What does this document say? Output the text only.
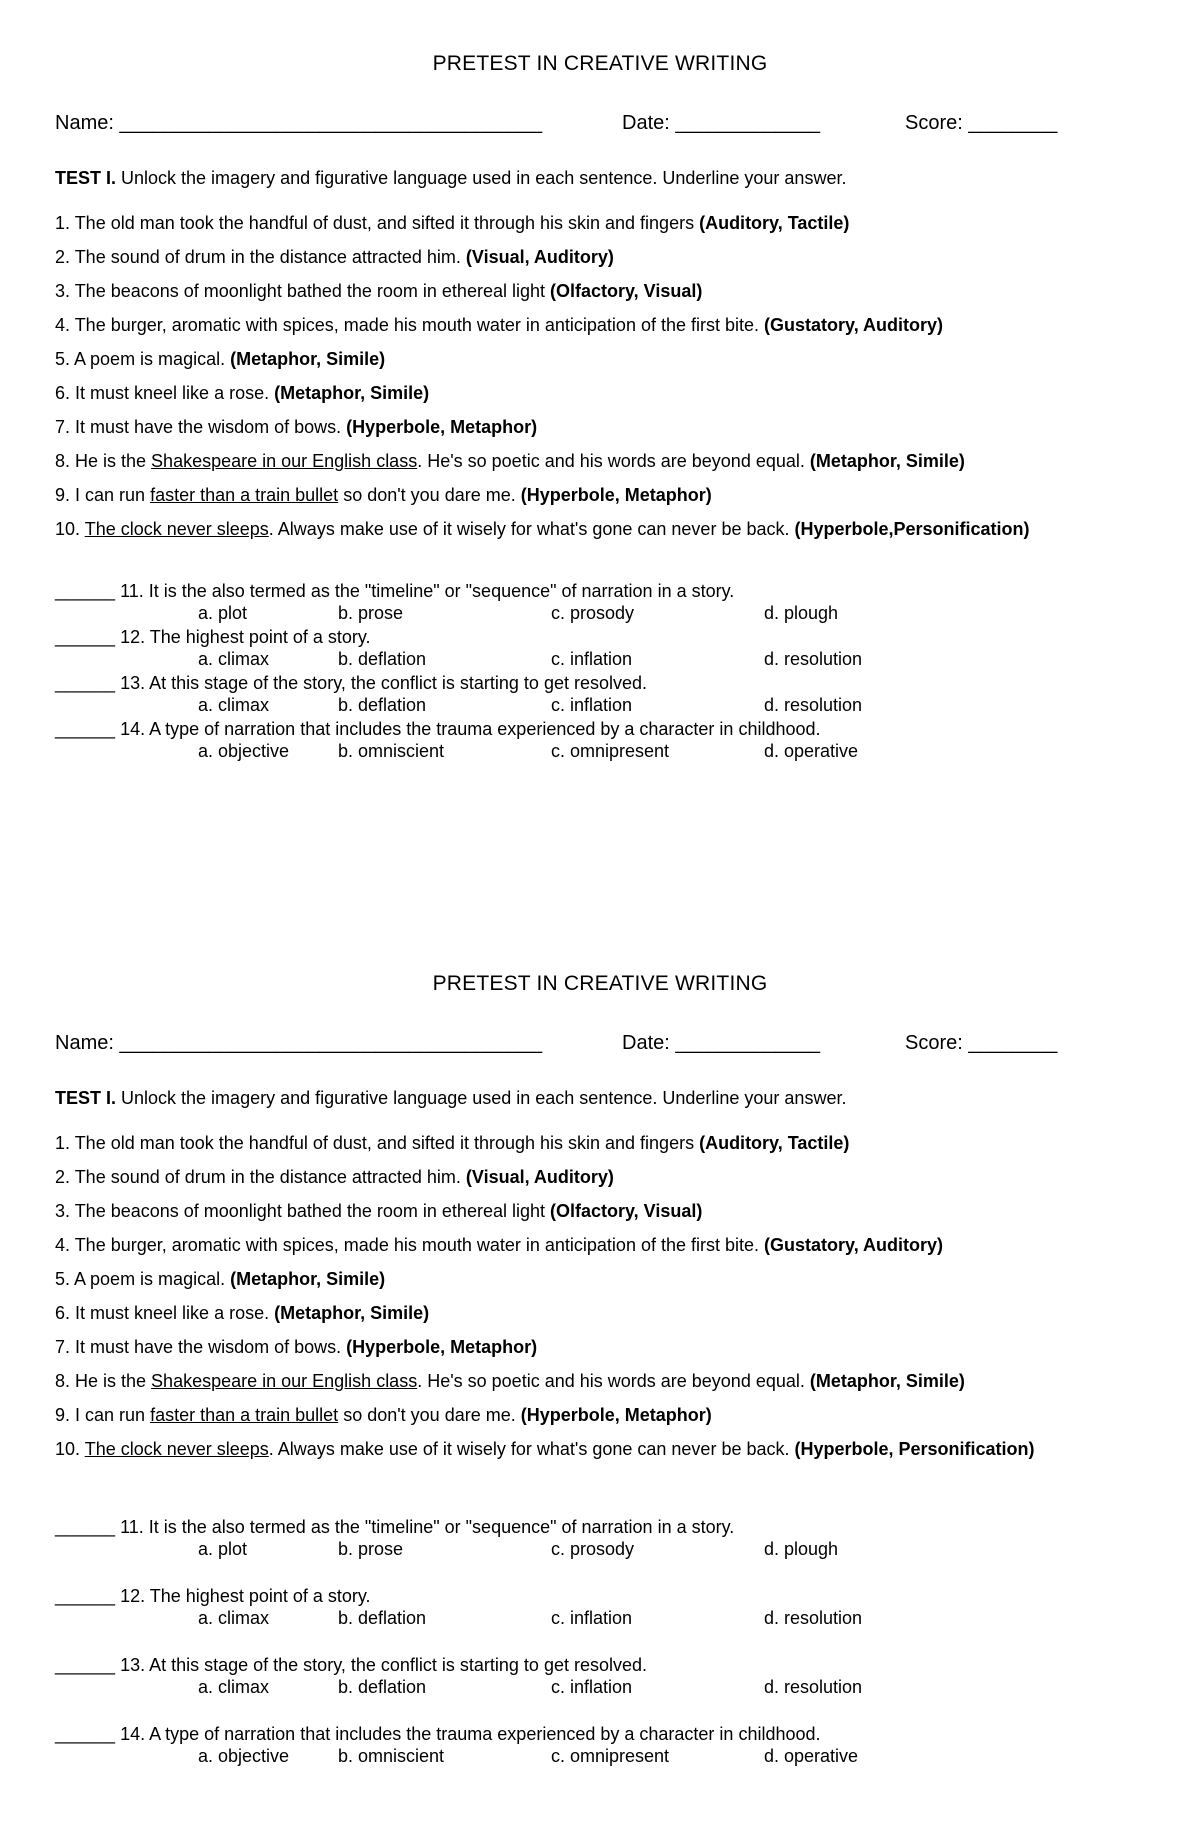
PRETEST IN CREATIVE WRITING
Name: ______________________________________	Date: _____________	Score: ________
TEST I. Unlock the imagery and figurative language used in each sentence. Underline your answer.
1. The old man took the handful of dust, and sifted it through his skin and fingers (Auditory, Tactile)
2. The sound of drum in the distance attracted him. (Visual, Auditory)
3. The beacons of moonlight bathed the room in ethereal light (Olfactory, Visual)
4. The burger, aromatic with spices, made his mouth water in anticipation of the first bite. (Gustatory, Auditory)
5. A poem is magical. (Metaphor, Simile)
6. It must kneel like a rose. (Metaphor, Simile)
7. It must have the wisdom of bows. (Hyperbole, Metaphor)
8. He is the Shakespeare in our English class. He's so poetic and his words are beyond equal. (Metaphor, Simile)
9. I can run faster than a train bullet so don't you dare me. (Hyperbole, Metaphor)
10. The clock never sleeps. Always make use of it wisely for what's gone can never be back. (Hyperbole,Personification)
______ 11. It is the also termed as the "timeline" or "sequence" of narration in a story.
a. plot	b. prose	c. prosody	d. plough
______ 12. The highest point of a story.
a. climax	b. deflation	c. inflation	d. resolution
______ 13. At this stage of the story, the conflict is starting to get resolved.
a. climax	b. deflation	c. inflation	d. resolution
______ 14. A type of narration that includes the trauma experienced by a character in childhood.
a. objective	b. omniscient	c. omnipresent	d. operative
PRETEST IN CREATIVE WRITING
Name: ______________________________________	Date: _____________	Score: ________
TEST I. Unlock the imagery and figurative language used in each sentence. Underline your answer.
1. The old man took the handful of dust, and sifted it through his skin and fingers (Auditory, Tactile)
2. The sound of drum in the distance attracted him. (Visual, Auditory)
3. The beacons of moonlight bathed the room in ethereal light (Olfactory, Visual)
4. The burger, aromatic with spices, made his mouth water in anticipation of the first bite. (Gustatory, Auditory)
5. A poem is magical. (Metaphor, Simile)
6. It must kneel like a rose. (Metaphor, Simile)
7. It must have the wisdom of bows. (Hyperbole, Metaphor)
8. He is the Shakespeare in our English class. He's so poetic and his words are beyond equal. (Metaphor, Simile)
9. I can run faster than a train bullet so don't you dare me. (Hyperbole, Metaphor)
10. The clock never sleeps. Always make use of it wisely for what's gone can never be back. (Hyperbole, Personification)
______ 11. It is the also termed as the "timeline" or "sequence" of narration in a story.
a. plot	b. prose	c. prosody	d. plough
______ 12. The highest point of a story.
a. climax	b. deflation	c. inflation	d. resolution
______ 13. At this stage of the story, the conflict is starting to get resolved.
a. climax	b. deflation	c. inflation	d. resolution
______ 14. A type of narration that includes the trauma experienced by a character in childhood.
a. objective	b. omniscient	c. omnipresent	d. operative
